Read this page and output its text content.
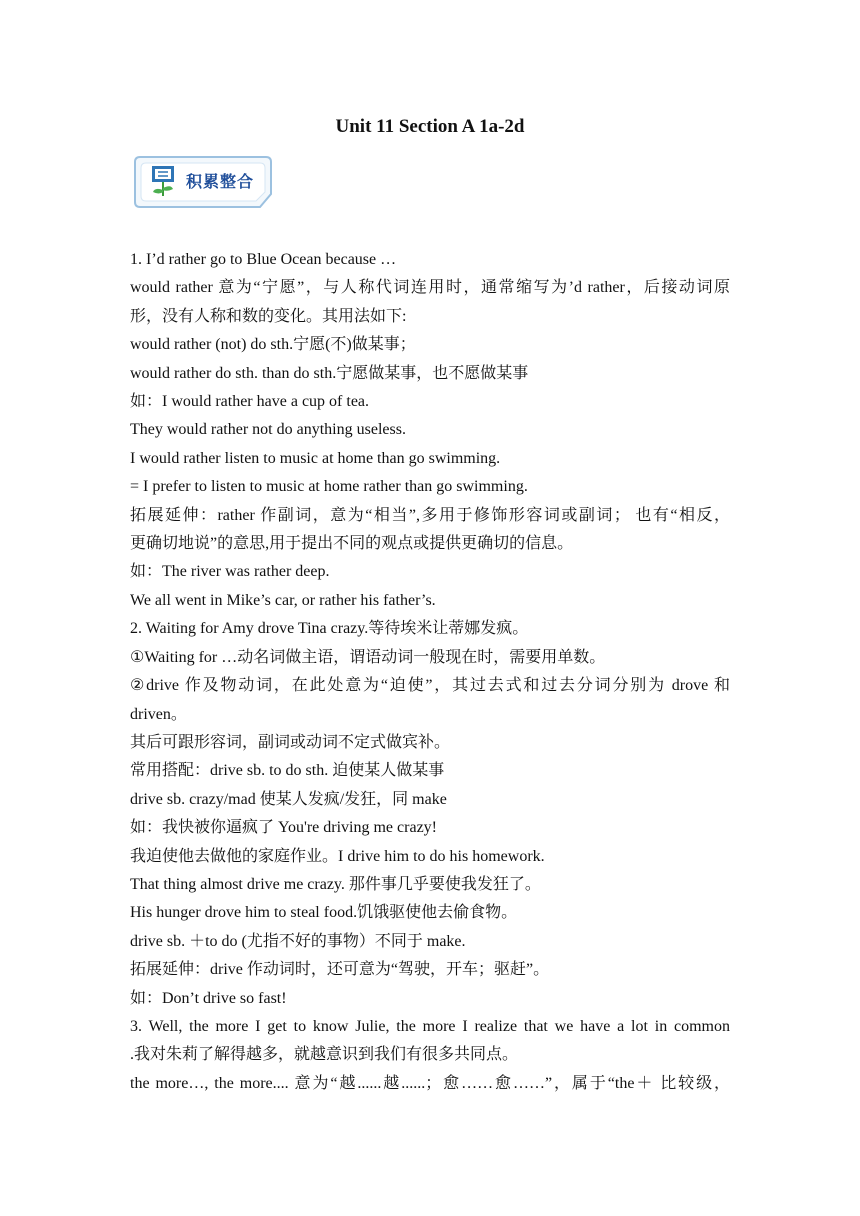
Unit 11 Section A 1a-2d
积累整合

1. I’d rather go to Blue Ocean because …

would rather 意为“宁愿”，与人称代词连用时，通常缩写为’d rather，后接动词原

形，没有人称和数的变化。其用法如下:

would rather (not) do sth.宁愿(不)做某事；

would rather do sth. than do sth.宁愿做某事，也不愿做某事

如：I would rather have a cup of tea.

They would rather not do anything useless.

I would rather listen to music at home than go swimming.

= I prefer to listen to music at home rather than go swimming.

拓展延伸：rather 作副词，意为“相当”,多用于修饰形容词或副词； 也有“相反，

更确切地说”的意思,用于提出不同的观点或提供更确切的信息。

如：The river was rather deep.

We all went in Mike’s car, or rather his father’s.

2. Waiting for Amy drove Tina crazy.等待埃米让蒂娜发疯。

①Waiting for …动名词做主语，谓语动词一般现在时，需要用单数。

②drive 作及物动词，在此处意为“迫使”，其过去式和过去分词分别为 drove 和

driven。

其后可跟形容词，副词或动词不定式做宾补。

常用搭配：drive sb. to do sth. 迫使某人做某事

drive sb. crazy/mad 使某人发疯/发狂，同 make

如：我快被你逼疯了 You're driving me crazy!

我迫使他去做他的家庭作业。I drive him to do his homework.

That thing almost drive me crazy. 那件事几乎要使我发狂了。

His hunger drove him to steal food.饥饿驱使他去偷食物。

drive sb. ＋to do (尤指不好的事物）不同于 make.

拓展延伸：drive 作动词时，还可意为“驾驶，开车；驱赶”。

如：Don’t drive so fast!

3. Well, the more I get to know Julie, the more I realize that we have a lot in common

.我对朱莉了解得越多，就越意识到我们有很多共同点。

the more…, the more.... 意为“越......越......；愈……愈……”，属于“the＋ 比较级，
